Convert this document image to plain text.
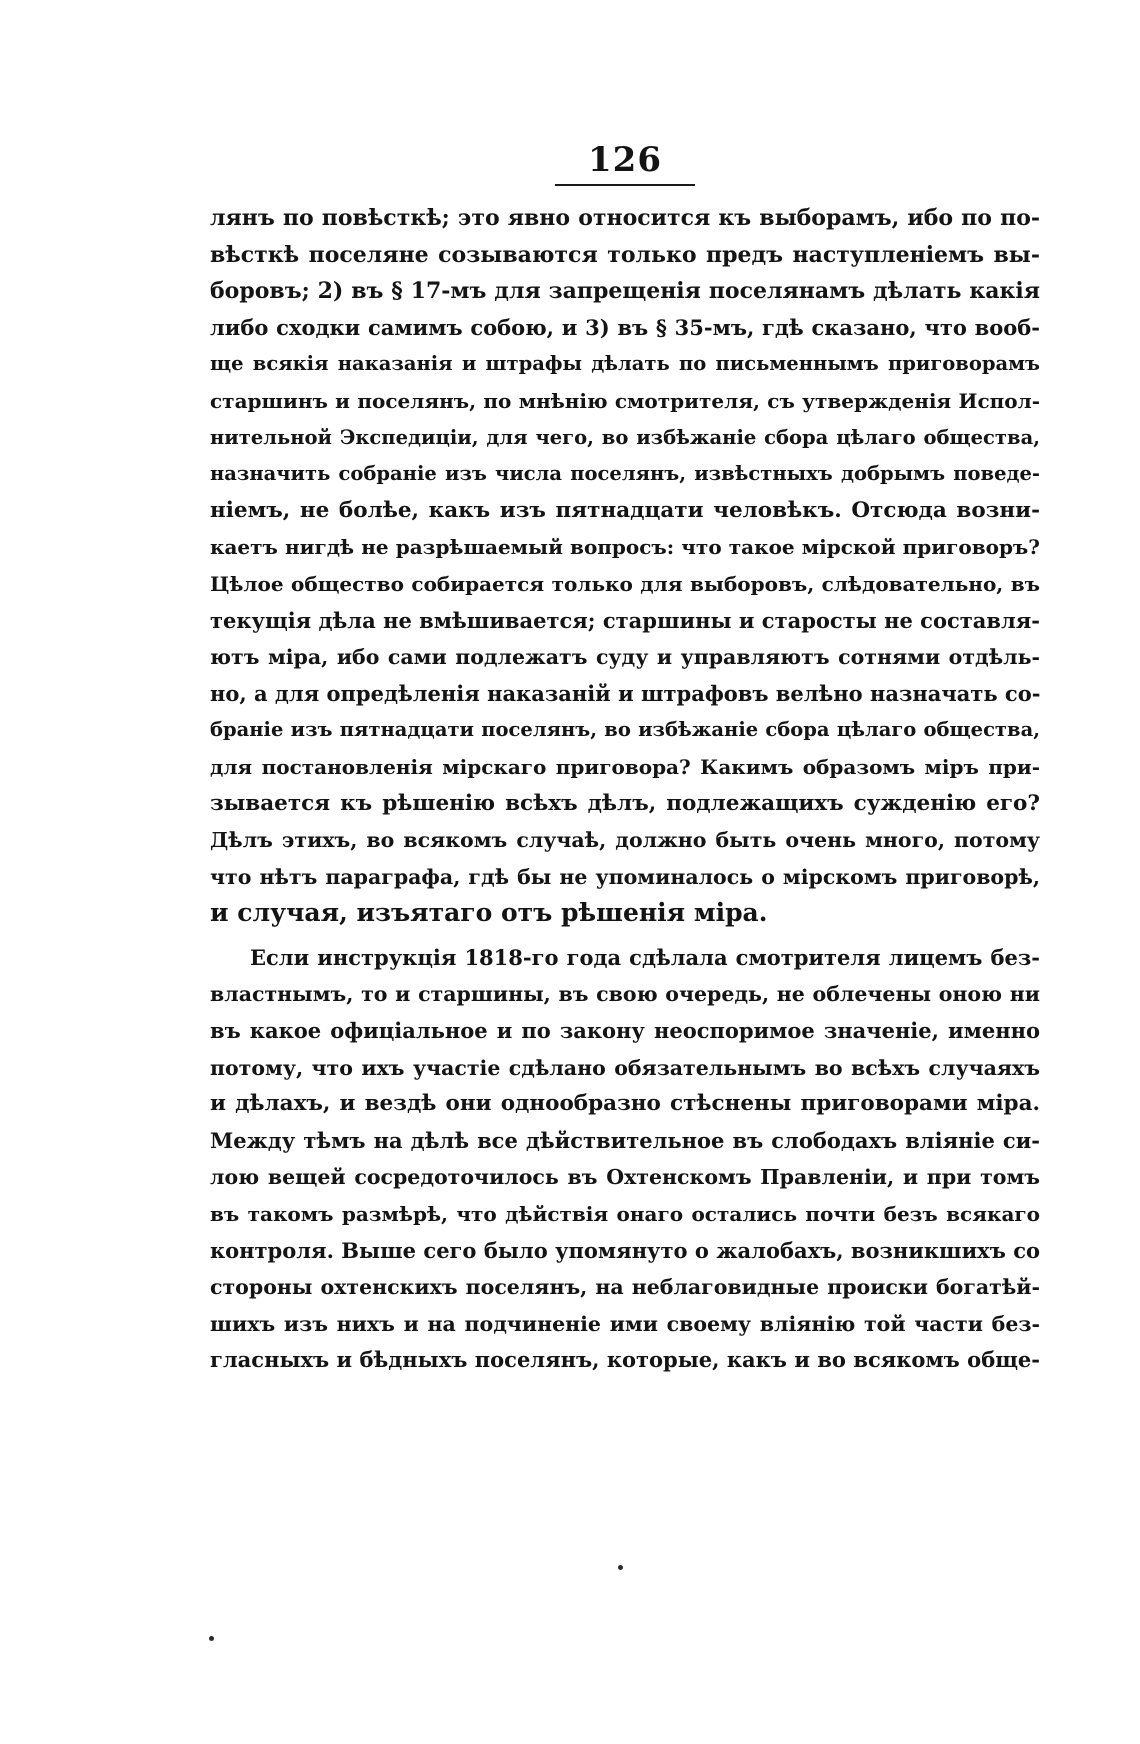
126
лянъ по повѣсткѣ; это явно относится къ выборамъ, ибо по по-
вѣсткѣ поселяне созываются только предъ наступленіемъ вы-
боровъ; 2) въ § 17-мъ для запрещенія поселянамъ дѣлать какія
либо сходки самимъ собою, и 3) въ § 35-мъ, гдѣ сказано, что вооб-
ще всякія наказанія и штрафы дѣлать по письменнымъ приговорамъ
старшинъ и поселянъ, по мнѣнію смотрителя, съ утвержденія Испол-
нительной Экспедиціи, для чего, во избѣжаніе сбора цѣлаго общества,
назначить собраніе изъ числа поселянъ, извѣстныхъ добрымъ поведе-
ніемъ, не болѣе, какъ изъ пятнадцати человѣкъ. Отсюда возни-
каетъ нигдѣ не разрѣшаемый вопросъ: что такое мірской приговоръ?
Цѣлое общество собирается только для выборовъ, слѣдовательно, въ
текущія дѣла не вмѣшивается; старшины и старосты не составля-
ютъ міра, ибо сами подлежатъ суду и управляютъ сотнями отдѣль-
но, а для опредѣленія наказаній и штрафовъ велѣно назначать со-
браніе изъ пятнадцати поселянъ, во избѣжаніе сбора цѣлаго общества,
для постановленія мірскаго приговора? Какимъ образомъ міръ при-
зывается къ рѣшенію всѣхъ дѣлъ, подлежащихъ сужденію его?
Дѣлъ этихъ, во всякомъ случаѣ, должно быть очень много, потому
что нѣтъ параграфа, гдѣ бы не упоминалось о мірскомъ приговорѣ,
и случая, изъятаго отъ рѣшенія міра.
Если инструкція 1818-го года сдѣлала смотрителя лицемъ без-
властнымъ, то и старшины, въ свою очередь, не облечены оною ни
въ какое офиціальное и по закону неоспоримое значеніе, именно
потому, что ихъ участіе сдѣлано обязательнымъ во всѣхъ случаяхъ
и дѣлахъ, и вездѣ они однообразно стѣснены приговорами міра.
Между тѣмъ на дѣлѣ все дѣйствительное въ слободахъ вліяніе си-
лою вещей сосредоточилось въ Охтенскомъ Правленіи, и при томъ
въ такомъ размѣрѣ, что дѣйствія онаго остались почти безъ всякаго
контроля. Выше сего было упомянуто о жалобахъ, возникшихъ со
стороны охтенскихъ поселянъ, на неблаговидные происки богатѣй-
шихъ изъ нихъ и на подчиненіе ими своему вліянію той части без-
гласныхъ и бѣдныхъ поселянъ, которые, какъ и во всякомъ обще-
